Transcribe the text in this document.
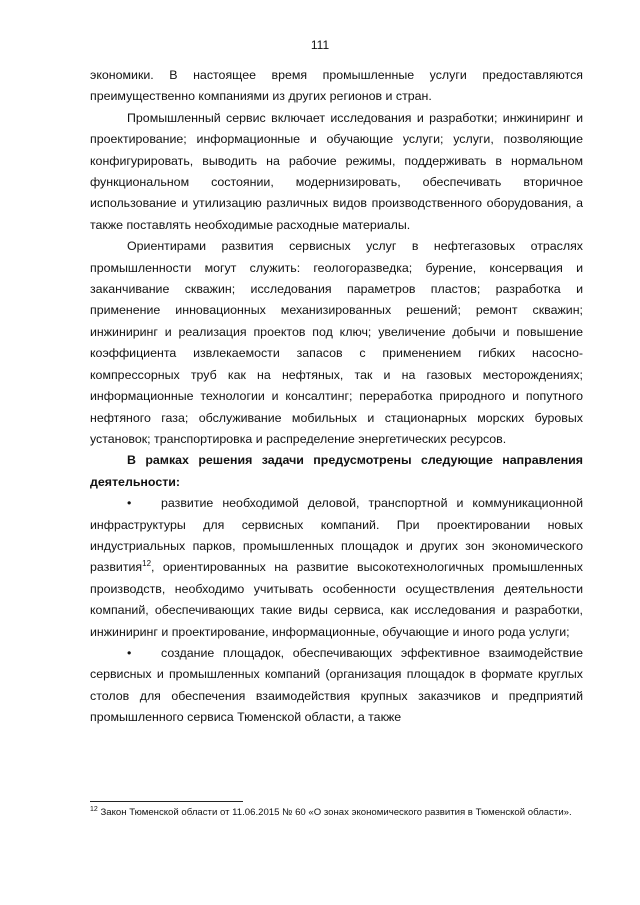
111

экономики. В настоящее время промышленные услуги предоставляются преимущественно компаниями из других регионов и стран.

Промышленный сервис включает исследования и разработки; инжиниринг и проектирование; информационные и обучающие услуги; услуги, позволяющие конфигурировать, выводить на рабочие режимы, поддерживать в нормальном функциональном состоянии, модернизировать, обеспечивать вторичное использование и утилизацию различных видов производственного оборудования, а также поставлять необходимые расходные материалы.

Ориентирами развития сервисных услуг в нефтегазовых отраслях промышленности могут служить: геологоразведка; бурение, консервация и заканчивание скважин; исследования параметров пластов; разработка и применение инновационных механизированных решений; ремонт скважин; инжиниринг и реализация проектов под ключ; увеличение добычи и повышение коэффициента извлекаемости запасов с применением гибких насосно-компрессорных труб как на нефтяных, так и на газовых месторождениях; информационные технологии и консалтинг; переработка природного и попутного нефтяного газа; обслуживание мобильных и стационарных морских буровых установок; транспортировка и распределение энергетических ресурсов.

В рамках решения задачи предусмотрены следующие направления деятельности:

• развитие необходимой деловой, транспортной и коммуникационной инфраструктуры для сервисных компаний. При проектировании новых индустриальных парков, промышленных площадок и других зон экономического развития$^{12}$, ориентированных на развитие высокотехнологичных промышленных производств, необходимо учитывать особенности осуществления деятельности компаний, обеспечивающих такие виды сервиса, как исследования и разработки, инжиниринг и проектирование, информационные, обучающие и иного рода услуги;

• создание площадок, обеспечивающих эффективное взаимодействие сервисных и промышленных компаний (организация площадок в формате круглых столов для обеспечения взаимодействия крупных заказчиков и предприятий промышленного сервиса Тюменской области, а также

$^{12}$ Закон Тюменской области от 11.06.2015 № 60 «О зонах экономического развития в Тюменской области».
